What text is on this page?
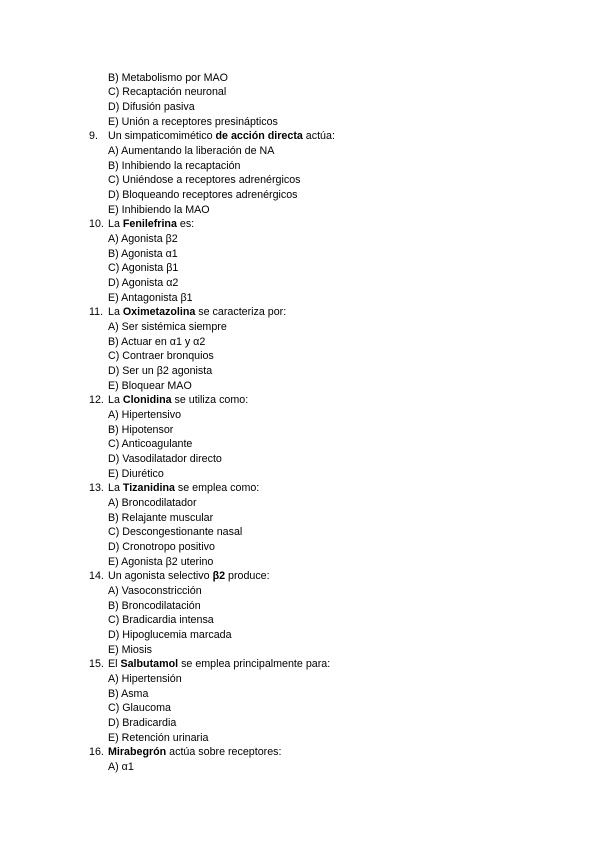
B) Metabolismo por MAO
C) Recaptación neuronal
D) Difusión pasiva
E) Unión a receptores presinápticos
9. Un simpaticomimético de acción directa actúa:
A) Aumentando la liberación de NA
B) Inhibiendo la recaptación
C) Uniéndose a receptores adrenérgicos
D) Bloqueando receptores adrenérgicos
E) Inhibiendo la MAO
10. La Fenilefrina es:
A) Agonista β2
B) Agonista α1
C) Agonista β1
D) Agonista α2
E) Antagonista β1
11. La Oximetazolina se caracteriza por:
A) Ser sistémica siempre
B) Actuar en α1 y α2
C) Contraer bronquios
D) Ser un β2 agonista
E) Bloquear MAO
12. La Clonidina se utiliza como:
A) Hipertensivo
B) Hipotensor
C) Anticoagulante
D) Vasodilatador directo
E) Diurético
13. La Tizanidina se emplea como:
A) Broncodilatador
B) Relajante muscular
C) Descongestionante nasal
D) Cronotropo positivo
E) Agonista β2 uterino
14. Un agonista selectivo β2 produce:
A) Vasoconstricción
B) Broncodilatación
C) Bradicardia intensa
D) Hipoglucemia marcada
E) Miosis
15. El Salbutamol se emplea principalmente para:
A) Hipertensión
B) Asma
C) Glaucoma
D) Bradicardia
E) Retención urinaria
16. Mirabegrón actúa sobre receptores:
A) α1
